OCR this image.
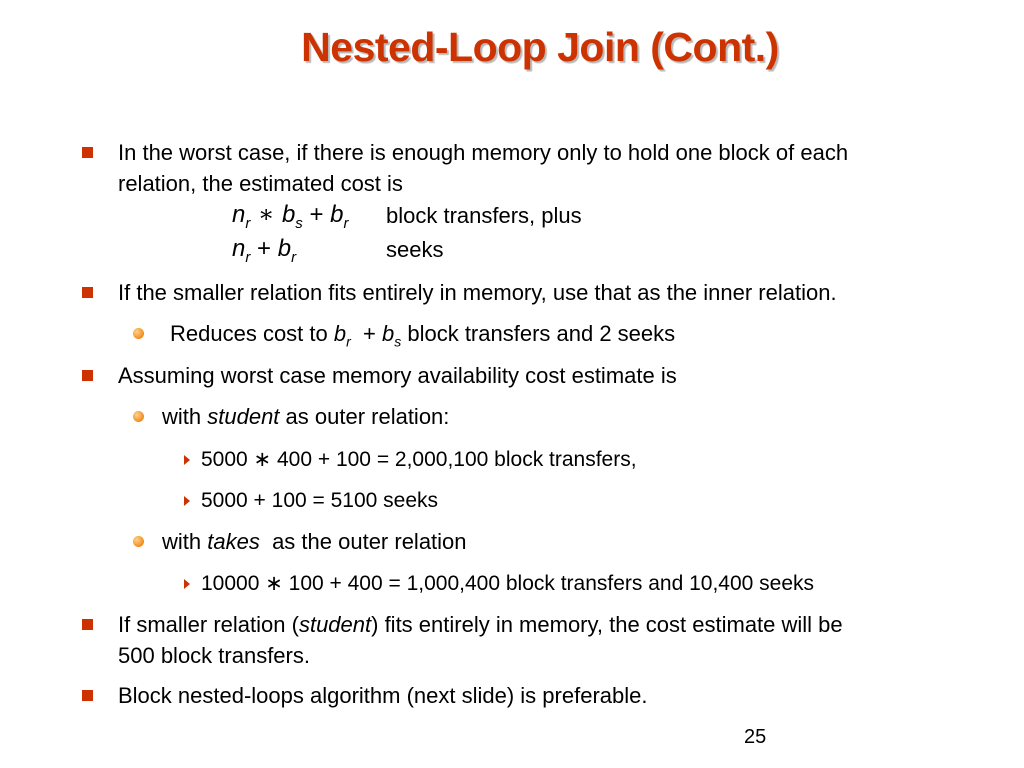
Nested-Loop Join (Cont.)
In the worst case, if there is enough memory only to hold one block of each
relation, the estimated cost is
$n_r$ ∗ $b_s + b_r$ block transfers, plus
$n_r + b_r$	seeks
If the smaller relation fits entirely in memory, use that as the inner relation.
Reduces cost to $b_r + b_s$ block transfers and 2 seeks
Assuming worst case memory availability cost estimate is
with student as outer relation:
5000 ∗ 400 + 100 = 2,000,100 block transfers,
5000 + 100 = 5100 seeks
with takes  as the outer relation
10000 ∗ 100 + 400 = 1,000,400 block transfers and 10,400 seeks
If smaller relation (student) fits entirely in memory, the cost estimate will be
500 block transfers.
Block nested-loops algorithm (next slide) is preferable.
25
